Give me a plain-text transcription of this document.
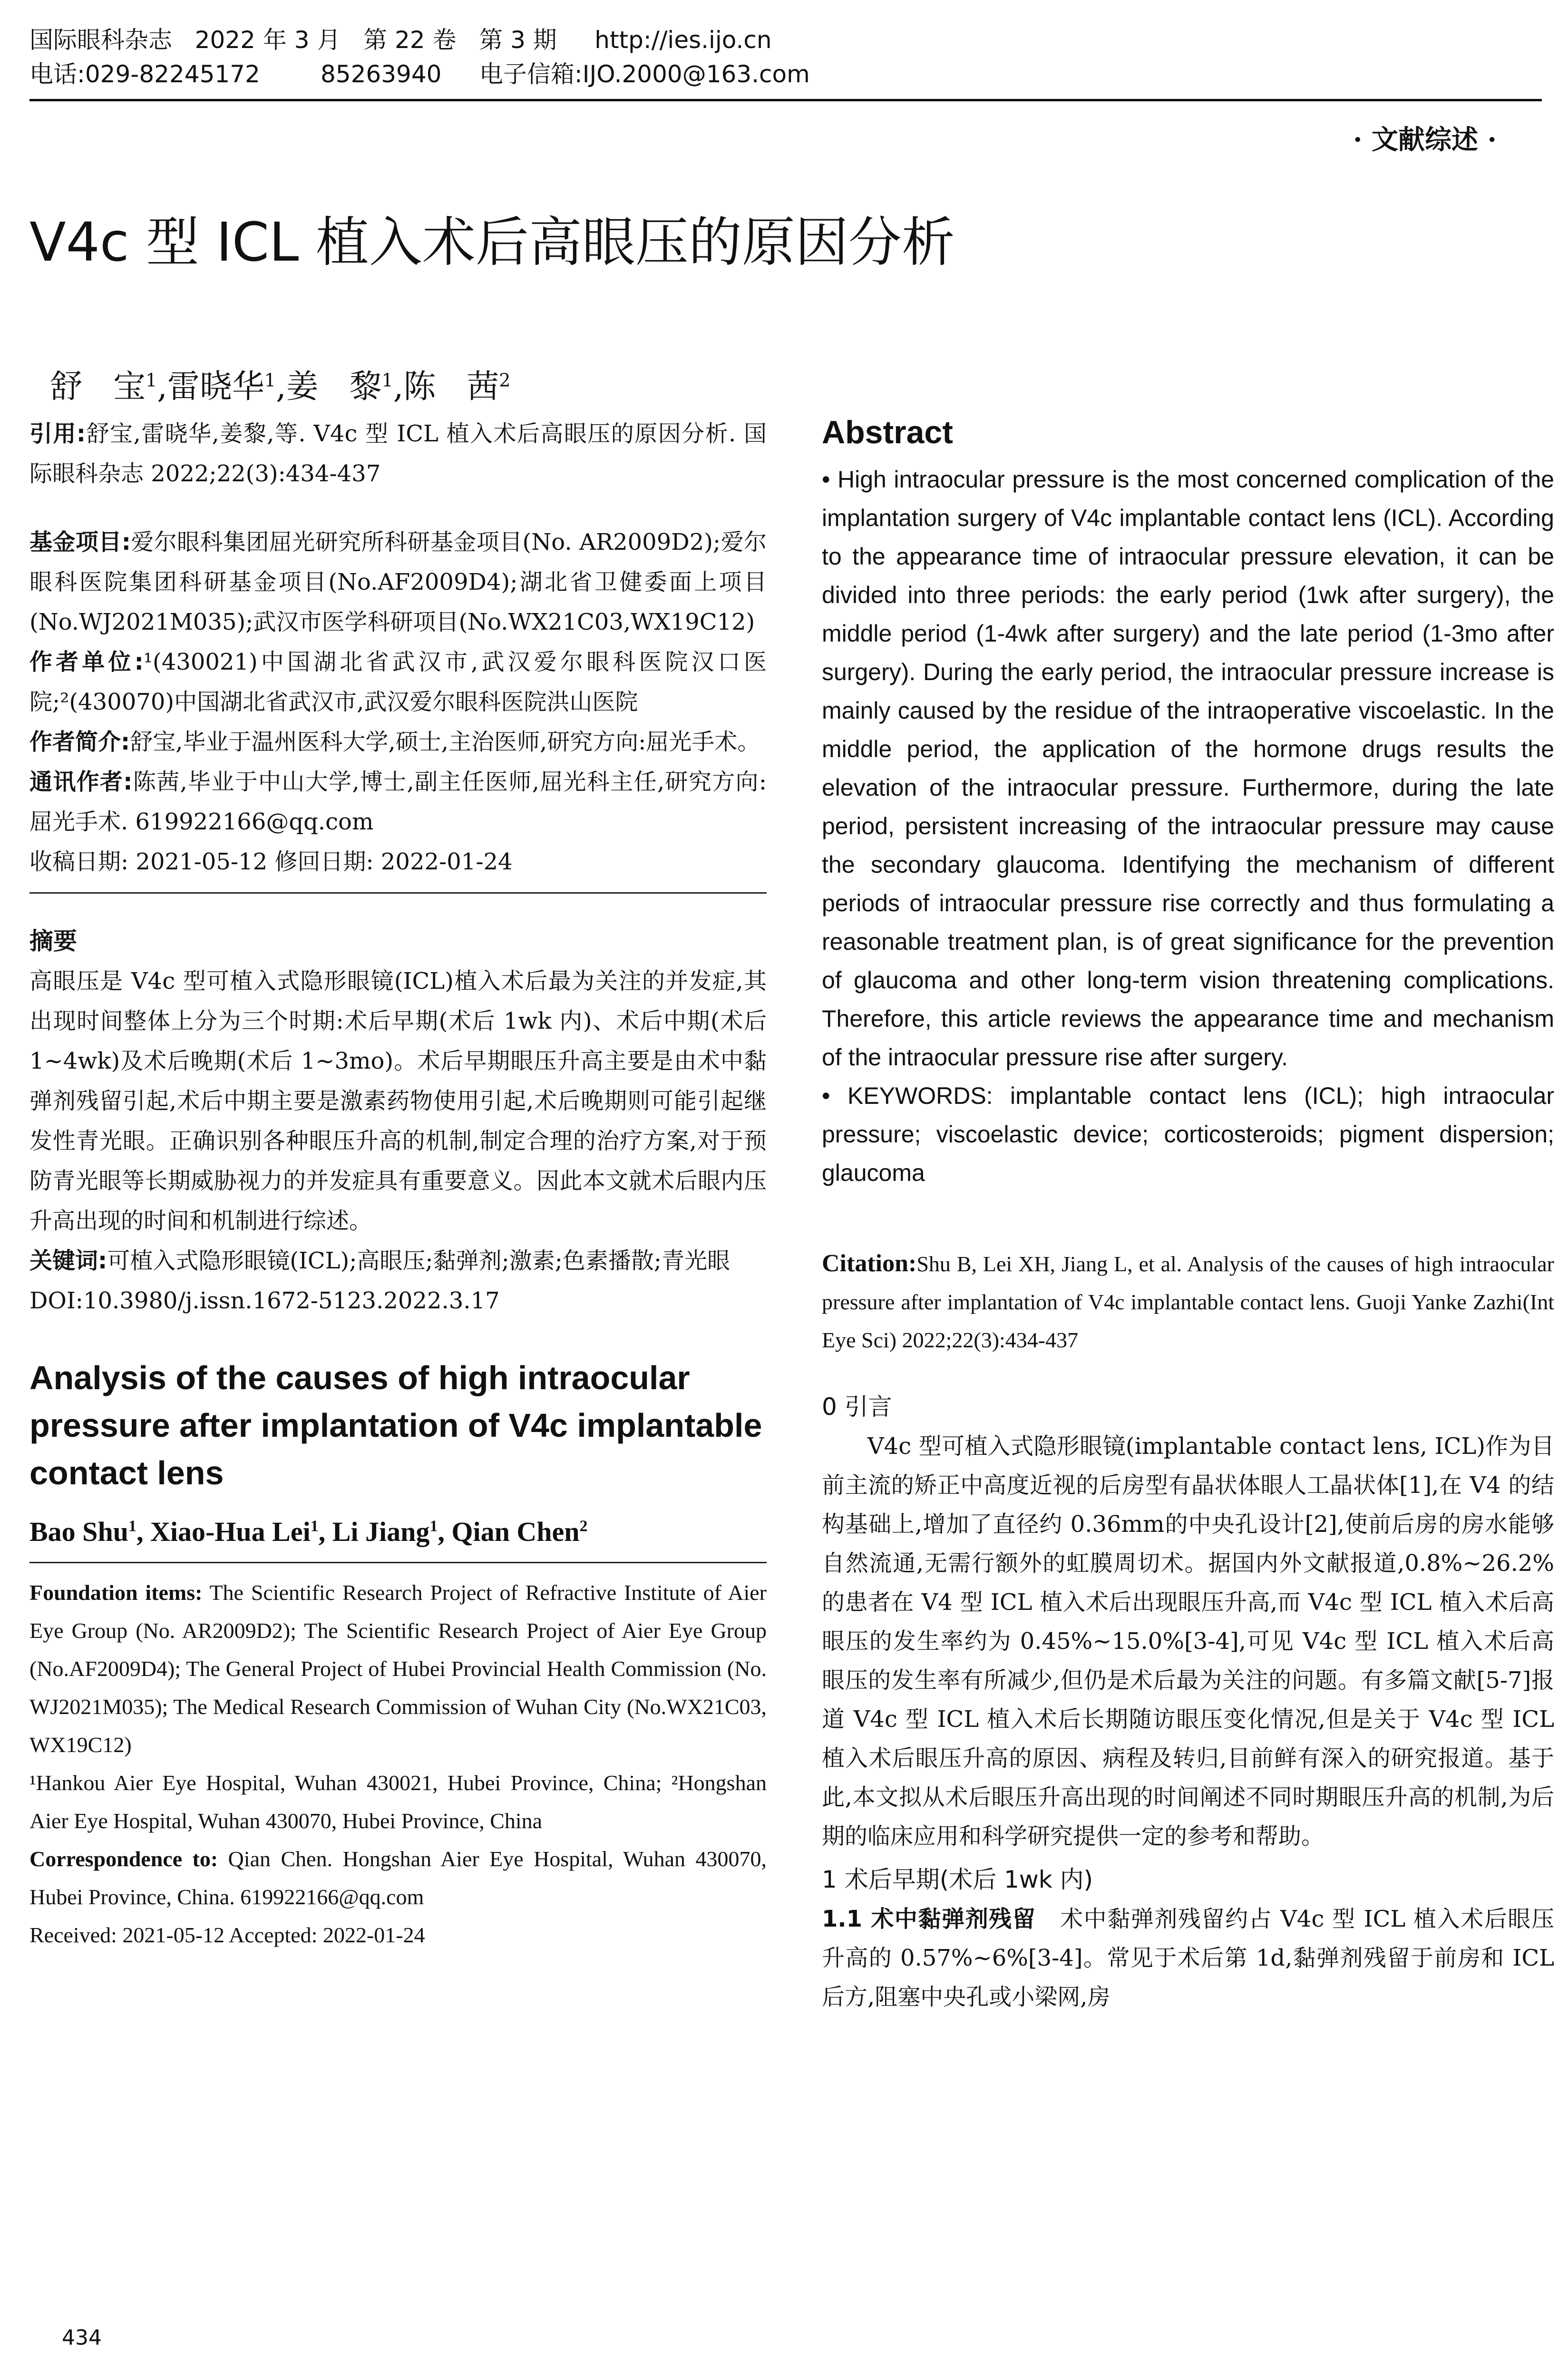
国际眼科杂志   2022 年 3 月   第 22 卷   第 3 期     http://ies.ijo.cn
电话:029-82245172        85263940     电子信箱:IJO.2000@163.com
· 文献综述 ·
V4c 型 ICL 植入术后高眼压的原因分析

舒   宝$^1$,雷晓华$^1$,姜   黎$^1$,陈   茜$^2$

引用:舒宝,雷晓华,姜黎,等. V4c 型 ICL 植入术后高眼压的原因分析. 国际眼科杂志 2022;22(3):434-437

基金项目:爱尔眼科集团屈光研究所科研基金项目(No. AR2009D2);爱尔眼科医院集团科研基金项目(No.AF2009D4);湖北省卫健委面上项目(No.WJ2021M035);武汉市医学科研项目(No.WX21C03,WX19C12)

作者单位:¹(430021)中国湖北省武汉市,武汉爱尔眼科医院汉口医院;²(430070)中国湖北省武汉市,武汉爱尔眼科医院洪山医院

作者简介:舒宝,毕业于温州医科大学,硕士,主治医师,研究方向:屈光手术。

通讯作者:陈茜,毕业于中山大学,博士,副主任医师,屈光科主任,研究方向:屈光手术. 619922166@qq.com

收稿日期: 2021-05-12 修回日期: 2022-01-24

摘要

高眼压是 V4c 型可植入式隐形眼镜(ICL)植入术后最为关注的并发症,其出现时间整体上分为三个时期:术后早期(术后 1wk 内)、术后中期(术后 1~4wk)及术后晚期(术后 1~3mo)。术后早期眼压升高主要是由术中黏弹剂残留引起,术后中期主要是激素药物使用引起,术后晚期则可能引起继发性青光眼。正确识别各种眼压升高的机制,制定合理的治疗方案,对于预防青光眼等长期威胁视力的并发症具有重要意义。因此本文就术后眼内压升高出现的时间和机制进行综述。

关键词:可植入式隐形眼镜(ICL);高眼压;黏弹剂;激素;色素播散;青光眼

DOI:10.3980/j.issn.1672-5123.2022.3.17

Analysis of the causes of high intraocular pressure after implantation of V4c implantable contact lens
Bao Shu$^1$, Xiao-Hua Lei$^1$, Li Jiang$^1$, Qian Chen$^2$

Foundation items: The Scientific Research Project of Refractive Institute of Aier Eye Group (No. AR2009D2); The Scientific Research Project of Aier Eye Group (No.AF2009D4); The General Project of Hubei Provincial Health Commission (No. WJ2021M035); The Medical Research Commission of Wuhan City (No.WX21C03, WX19C12)

¹Hankou Aier Eye Hospital, Wuhan 430021, Hubei Province, China; ²Hongshan Aier Eye Hospital, Wuhan 430070, Hubei Province, China

Correspondence to: Qian Chen. Hongshan Aier Eye Hospital, Wuhan 430070, Hubei Province, China. 619922166@qq.com

Received: 2021-05-12 Accepted: 2022-01-24

Abstract

• High intraocular pressure is the most concerned complication of the implantation surgery of V4c implantable contact lens (ICL). According to the appearance time of intraocular pressure elevation, it can be divided into three periods: the early period (1wk after surgery), the middle period (1-4wk after surgery) and the late period (1-3mo after surgery). During the early period, the intraocular pressure increase is mainly caused by the residue of the intraoperative viscoelastic. In the middle period, the application of the hormone drugs results the elevation of the intraocular pressure. Furthermore, during the late period, persistent increasing of the intraocular pressure may cause the secondary glaucoma. Identifying the mechanism of different periods of intraocular pressure rise correctly and thus formulating a reasonable treatment plan, is of great significance for the prevention of glaucoma and other long-term vision threatening complications. Therefore, this article reviews the appearance time and mechanism of the intraocular pressure rise after surgery.

• KEYWORDS: implantable contact lens (ICL); high intraocular pressure; viscoelastic device; corticosteroids; pigment dispersion; glaucoma

Citation:Shu B, Lei XH, Jiang L, et al. Analysis of the causes of high intraocular pressure after implantation of V4c implantable contact lens. Guoji Yanke Zazhi(Int Eye Sci) 2022;22(3):434-437

0 引言

V4c 型可植入式隐形眼镜(implantable contact lens, ICL)作为目前主流的矫正中高度近视的后房型有晶状体眼人工晶状体[1],在 V4 的结构基础上,增加了直径约 0.36mm的中央孔设计[2],使前后房的房水能够自然流通,无需行额外的虹膜周切术。据国内外文献报道,0.8%~26.2%的患者在 V4 型 ICL 植入术后出现眼压升高,而 V4c 型 ICL 植入术后高眼压的发生率约为 0.45%~15.0%[3-4],可见 V4c 型 ICL 植入术后高眼压的发生率有所减少,但仍是术后最为关注的问题。有多篇文献[5-7]报道 V4c 型 ICL 植入术后长期随访眼压变化情况,但是关于 V4c 型 ICL 植入术后眼压升高的原因、病程及转归,目前鲜有深入的研究报道。基于此,本文拟从术后眼压升高出现的时间阐述不同时期眼压升高的机制,为后期的临床应用和科学研究提供一定的参考和帮助。

1 术后早期(术后 1wk 内)

1.1 术中黏弹剂残留 术中黏弹剂残留约占 V4c 型 ICL 植入术后眼压升高的 0.57%~6%[3-4]。常见于术后第 1d,黏弹剂残留于前房和 ICL 后方,阻塞中央孔或小梁网,房

434
